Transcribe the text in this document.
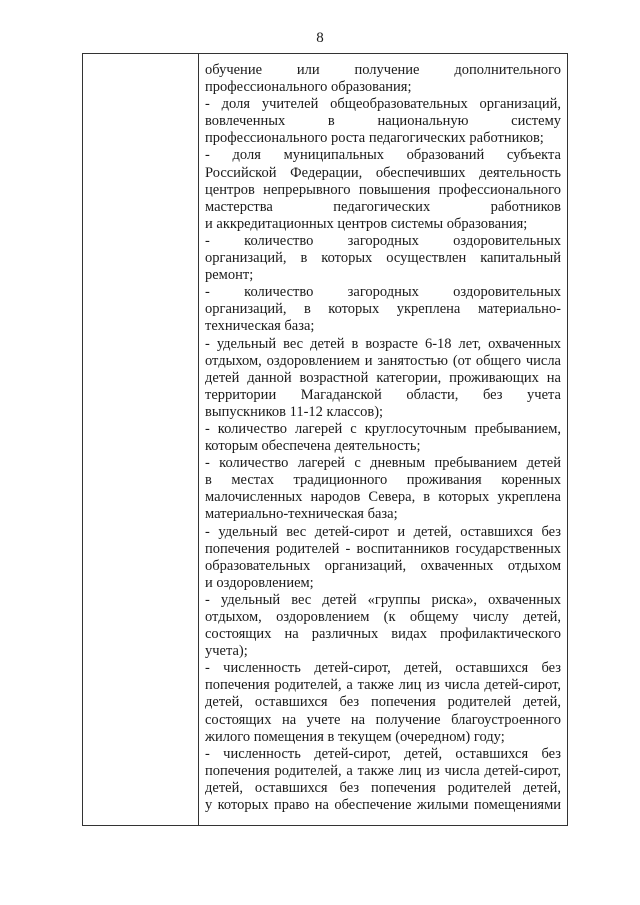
8
обучение или получение дополнительного
профессионального образования;
- доля учителей общеобразовательных организаций,
вовлеченных в национальную систему
профессионального роста педагогических работников;
- доля муниципальных образований субъекта
Российской Федерации, обеспечивших деятельность
центров непрерывного повышения профессионального
мастерства педагогических работников
и аккредитационных центров системы образования;
- количество загородных оздоровительных
организаций, в которых осуществлен капитальный
ремонт;
- количество загородных оздоровительных
организаций, в которых укреплена материально-
техническая база;
- удельный вес детей в возрасте 6-18 лет, охваченных
отдыхом, оздоровлением и занятостью (от общего числа
детей данной возрастной категории, проживающих на
территории Магаданской области, без учета
выпускников 11-12 классов);
- количество лагерей с круглосуточным пребыванием,
которым обеспечена деятельность;
- количество лагерей с дневным пребыванием детей
в местах традиционного проживания коренных
малочисленных народов Севера, в которых укреплена
материально-техническая база;
- удельный вес детей-сирот и детей, оставшихся без
попечения родителей - воспитанников государственных
образовательных организаций, охваченных отдыхом
и оздоровлением;
- удельный вес детей «группы риска», охваченных
отдыхом, оздоровлением (к общему числу детей,
состоящих на различных видах профилактического
учета);
- численность детей-сирот, детей, оставшихся без
попечения родителей, а также лиц из числа детей-сирот,
детей, оставшихся без попечения родителей детей,
состоящих на учете на получение благоустроенного
жилого помещения в текущем (очередном) году;
- численность детей-сирот, детей, оставшихся без
попечения родителей, а также лиц из числа детей-сирот,
детей, оставшихся без попечения родителей детей,
у которых право на обеспечение жилыми помещениями
